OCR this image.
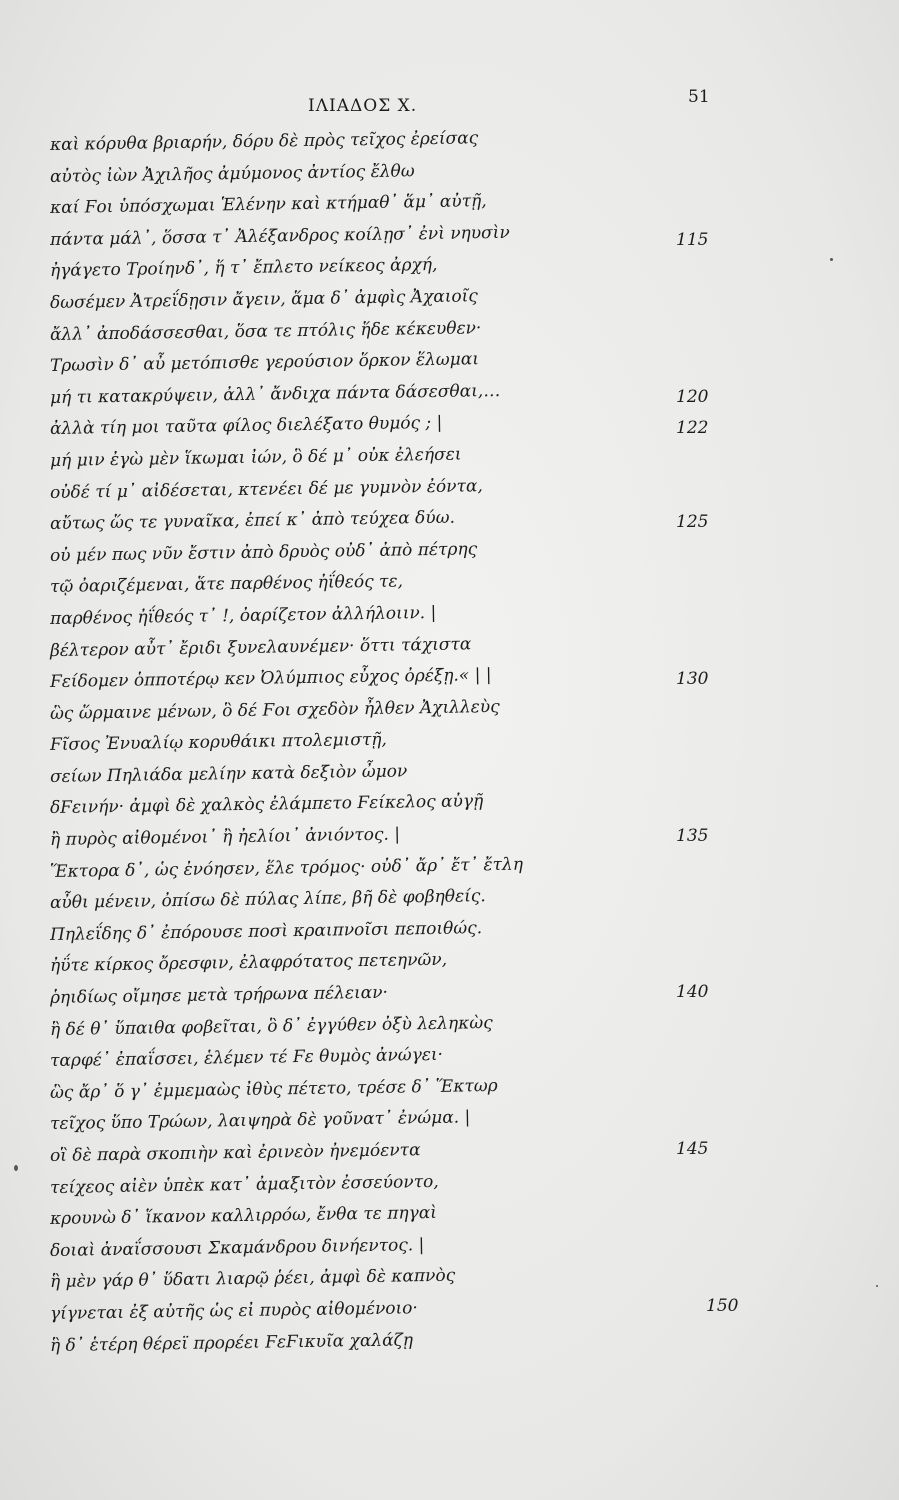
ΙΛΙΑΔΟΣ Χ.	51
καὶ κόρυθα βριαρήν, δόρυ δὲ πρὸς τεῖχος ἐρείσας
αὐτὸς ἰὼν Ἀχιλῆος ἀμύμονος ἀντίος ἔλθω
καί Ϝοι ὑπόσχωμαι Ἑλένην καὶ κτήμαθ᾽ ἅμ᾽ αὐτῇ,
πάντα μάλ᾽, ὅσσα τ᾽ Ἀλέξανδρος κοίλῃσ᾽ ἐνὶ νηυσὶν
ἠγάγετο Τροίηνδ᾽, ἥ τ᾽ ἔπλετο νείκεος ἀρχή,
δωσέμεν Ἀτρεΐδῃσιν ἄγειν, ἅμα δ᾽ ἀμφὶς Ἀχαιοῖς
ἄλλ᾽ ἀποδάσσεσθαι, ὅσα τε πτόλις ἥδε κέκευθεν·
Τρωσὶν δ᾽ αὖ μετόπισθε γερούσιον ὅρκον ἕλωμαι
μή τι κατακρύψειν, ἀλλ᾽ ἄνδιχα πάντα δάσεσθαι,…
ἀλλὰ τίη μοι ταῦτα φίλος διελέξατο θυμός ; |
μή μιν ἐγὼ μὲν ἵκωμαι ἰών, ὃ δέ μ᾽ οὐκ ἐλεήσει
οὐδέ τί μ᾽ αἰδέσεται, κτενέει δέ με γυμνὸν ἐόντα,
αὔτως ὥς τε γυναῖκα, ἐπεί κ᾽ ἀπὸ τεύχεα δύω.
οὐ μέν πως νῦν ἔστιν ἀπὸ δρυὸς οὐδ᾽ ἀπὸ πέτρης
τῷ ὀαριζέμεναι, ἅτε παρθένος ἠΐθεός τε,
παρθένος ἠΐθεός τ᾽ !, ὀαρίζετον ἀλλήλοιιν. |
βέλτερον αὖτ᾽ ἔριδι ξυνελαυνέμεν· ὅττι τάχιστα
Ϝείδομεν ὁπποτέρῳ κεν Ὀλύμπιος εὖχος ὀρέξῃ.« | |
ὣς ὥρμαινε μένων, ὃ δέ Ϝοι σχεδὸν ἦλθεν Ἀχιλλεὺς
Ϝῖσος Ἐνυαλίῳ κορυθάικι πτολεμιστῇ,
σείων Πηλιάδα μελίην κατὰ δεξιὸν ὦμον
δϜεινήν· ἀμφὶ δὲ χαλκὸς ἐλάμπετο Ϝείκελος αὐγῇ
ἢ πυρὸς αἰθομένοι᾽ ἢ ἠελίοι᾽ ἀνιόντος. |
Ἕκτορα δ᾽, ὡς ἐνόησεν, ἕλε τρόμος· οὐδ᾽ ἄρ᾽ ἔτ᾽ ἔτλη
αὖθι μένειν, ὀπίσω δὲ πύλας λίπε, βῆ δὲ φοβηθείς.
Πηλεΐδης δ᾽ ἐπόρουσε ποσὶ κραιπνοῖσι πεποιθώς.
ἠΰτε κίρκος ὄρεσφιν, ἐλαφρότατος πετεηνῶν,
ῥηιδίως οἴμησε μετὰ τρήρωνα πέλειαν·
ἣ δέ θ᾽ ὕπαιθα φοβεῖται, ὃ δ᾽ ἐγγύθεν ὀξὺ λεληκὼς
ταρφέ᾽ ἐπαΐσσει, ἑλέμεν τέ Ϝε θυμὸς ἀνώγει·
ὣς ἄρ᾽ ὅ γ᾽ ἐμμεμαὼς ἰθὺς πέτετο, τρέσε δ᾽ Ἕκτωρ
τεῖχος ὕπο Τρώων, λαιψηρὰ δὲ γοῦνατ᾽ ἐνώμα. |
οἳ δὲ παρὰ σκοπιὴν καὶ ἐρινεὸν ἠνεμόεντα
τείχεος αἰὲν ὑπὲκ κατ᾽ ἀμαξιτὸν ἐσσεύοντο,
κρουνὼ δ᾽ ἵκανον καλλιρρόω, ἔνθα τε πηγαὶ
δοιαὶ ἀναΐσσουσι Σκαμάνδρου δινήεντος. |
ἣ μὲν γάρ θ᾽ ὕδατι λιαρῷ ῥέει, ἀμφὶ δὲ καπνὸς
γίγνεται ἐξ αὐτῆς ὡς εἰ πυρὸς αἰθομένοιο·
ἣ δ᾽ ἑτέρη θέρεϊ προρέει ϜεϜικυῖα χαλάζῃ
115
120
122
125
130
135
140
145
150
